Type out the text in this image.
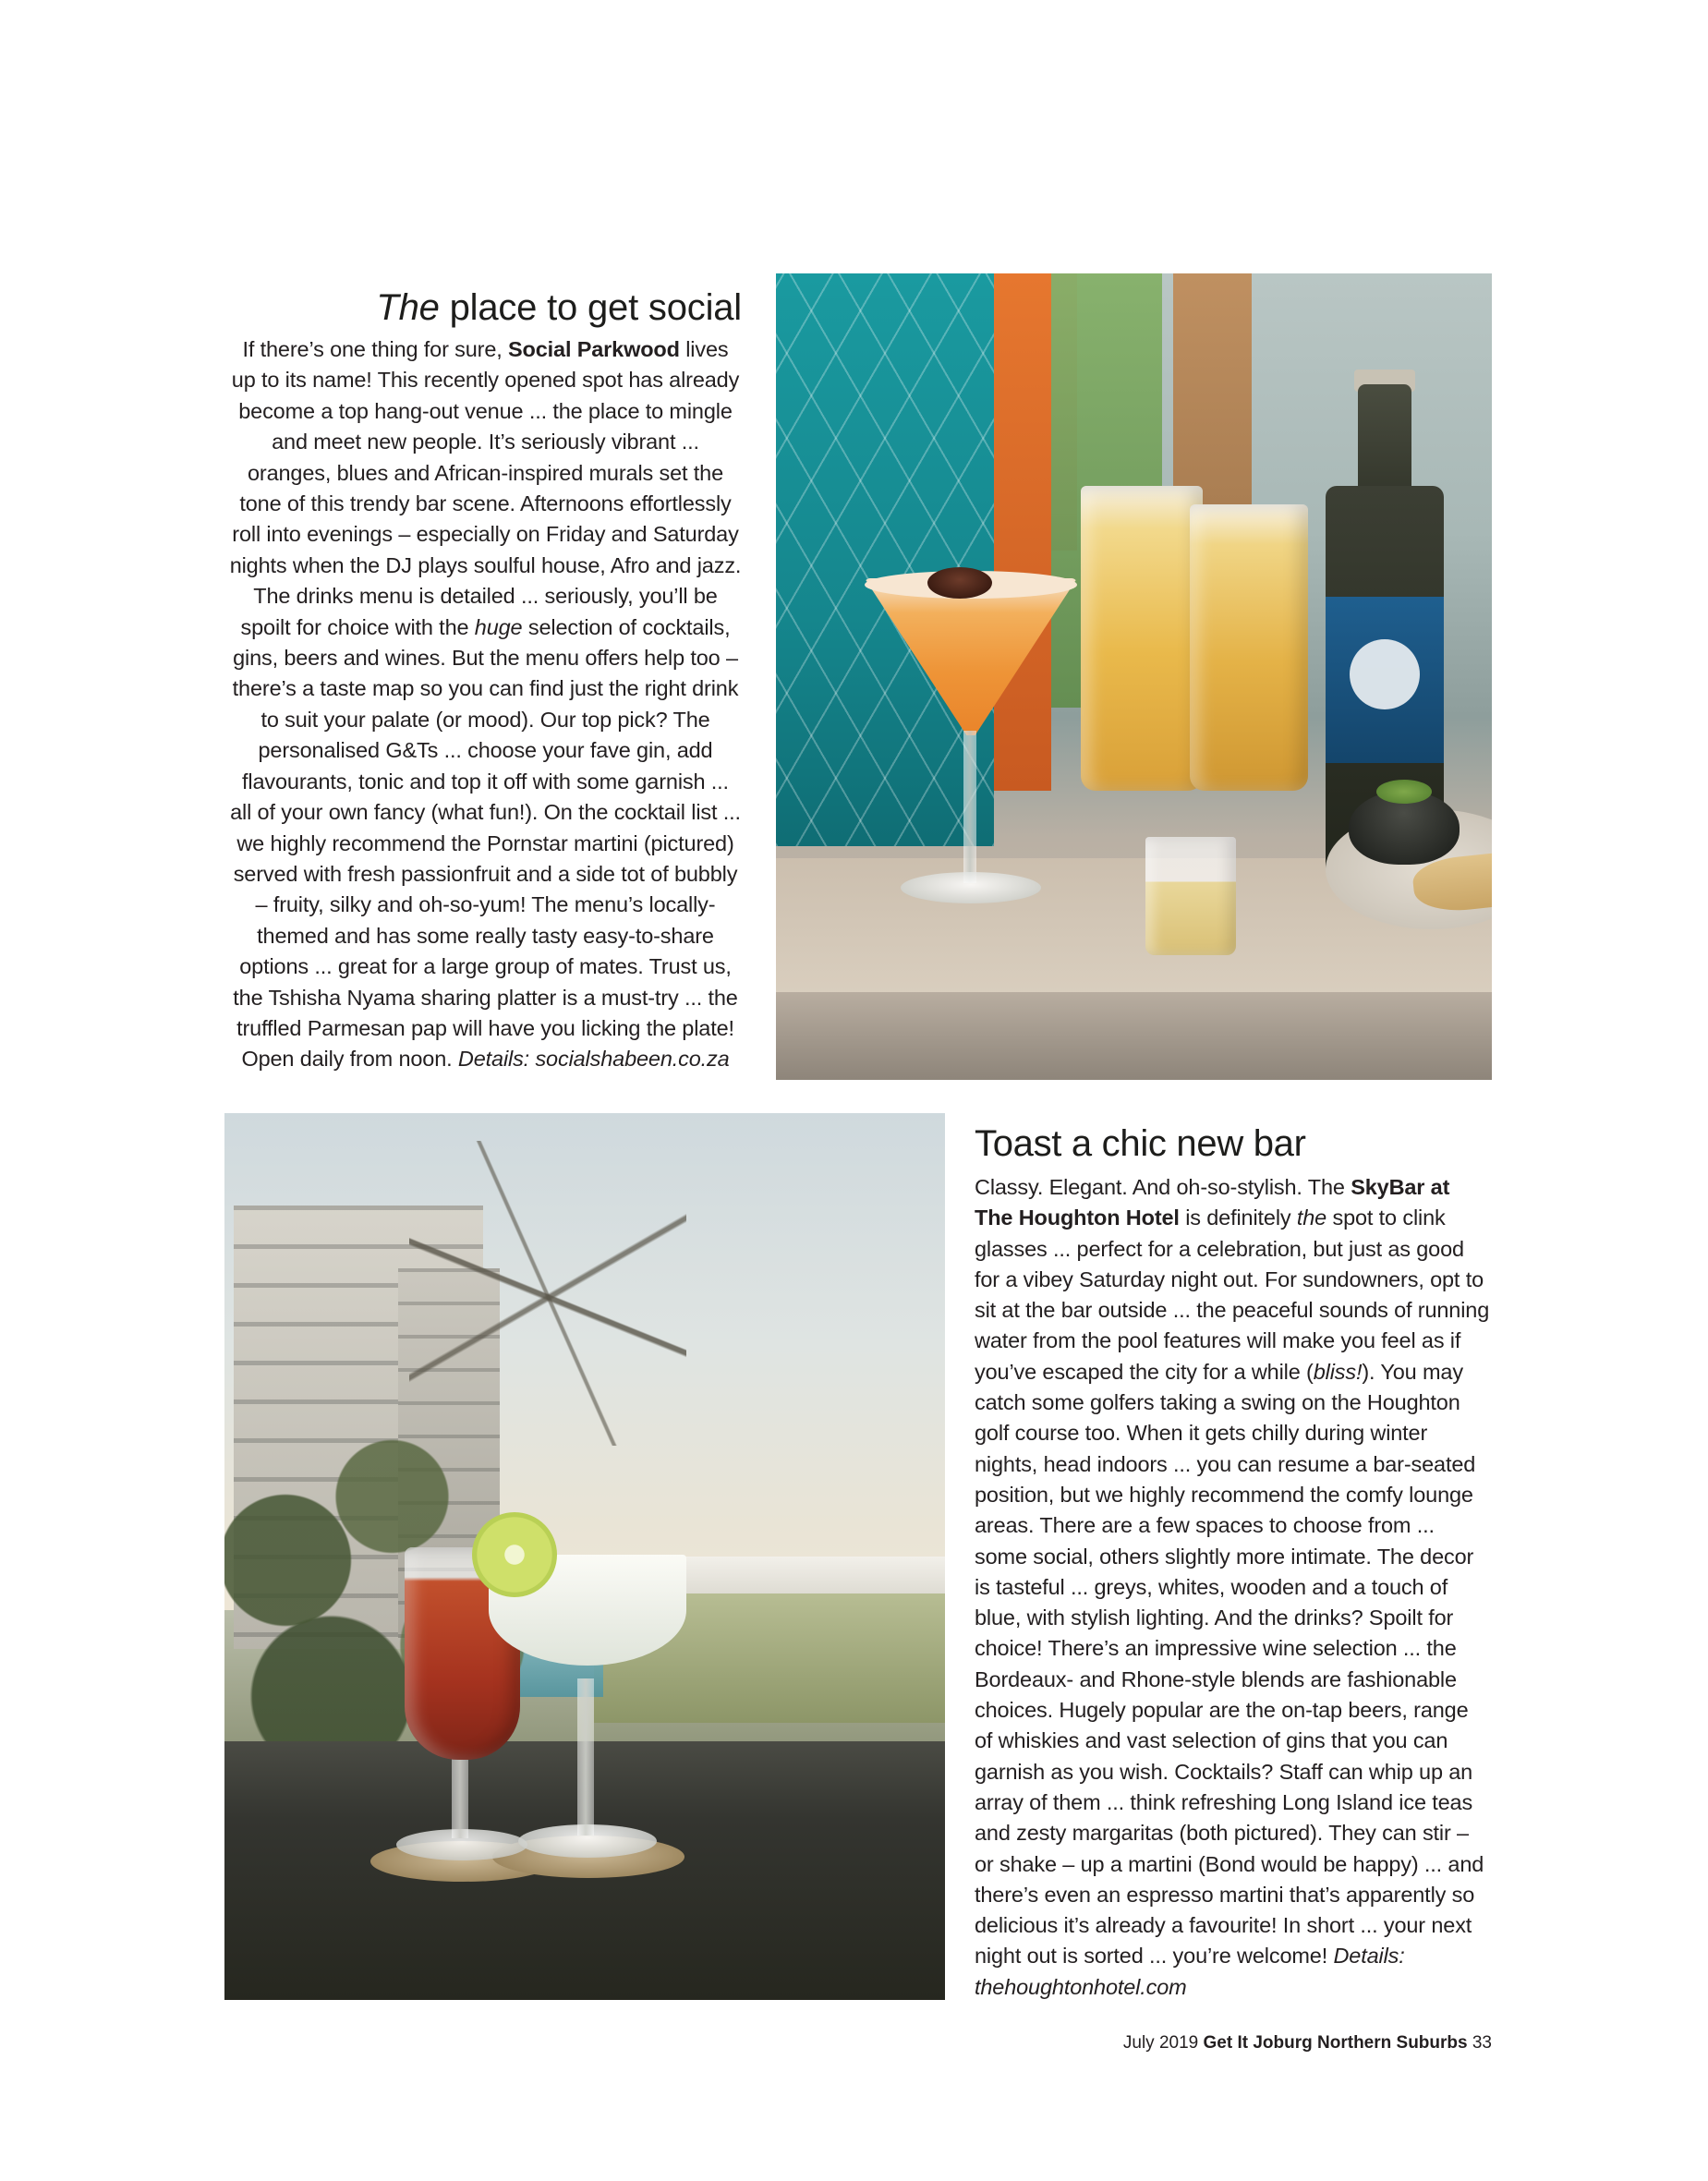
The place to get social

If there’s one thing for sure, Social Parkwood lives up to its name! This recently opened spot has already become a top hang-out venue ... the place to mingle and meet new people. It’s seriously vibrant ... oranges, blues and African-inspired murals set the tone of this trendy bar scene. Afternoons effortlessly roll into evenings – especially on Friday and Saturday nights when the DJ plays soulful house, Afro and jazz. The drinks menu is detailed ... seriously, you’ll be spoilt for choice with the huge selection of cocktails, gins, beers and wines. But the menu offers help too – there’s a taste map so you can find just the right drink to suit your palate (or mood). Our top pick? The personalised G&Ts ... choose your fave gin, add flavourants, tonic and top it off with some garnish ... all of your own fancy (what fun!). On the cocktail list ... we highly recommend the Pornstar martini (pictured) served with fresh passionfruit and a side tot of bubbly – fruity, silky and oh-so-yum! The menu’s locally-themed and has some really tasty easy-to-share options ... great for a large group of mates. Trust us, the Tshisha Nyama sharing platter is a must-try ... the truffled Parmesan pap will have you licking the plate! Open daily from noon. Details: socialshabeen.co.za

Toast a chic new bar

Classy. Elegant. And oh-so-stylish. The SkyBar at The Houghton Hotel is definitely the spot to clink glasses ... perfect for a celebration, but just as good for a vibey Saturday night out. For sundowners, opt to sit at the bar outside ... the peaceful sounds of running water from the pool features will make you feel as if you’ve escaped the city for a while (bliss!). You may catch some golfers taking a swing on the Houghton golf course too. When it gets chilly during winter nights, head indoors ... you can resume a bar-seated position, but we highly recommend the comfy lounge areas. There are a few spaces to choose from ... some social, others slightly more intimate. The decor is tasteful ... greys, whites, wooden and a touch of blue, with stylish lighting. And the drinks? Spoilt for choice! There’s an impressive wine selection ... the Bordeaux- and Rhone-style blends are fashionable choices. Hugely popular are the on-tap beers, range of whiskies and vast selection of gins that you can garnish as you wish. Cocktails? Staff can whip up an array of them ... think refreshing Long Island ice teas and zesty margaritas (both pictured). They can stir – or shake – up a martini (Bond would be happy) ... and there’s even an espresso martini that’s apparently so delicious it’s already a favourite! In short ... your next night out is sorted ... you’re welcome! Details: thehoughtonhotel.com

July 2019 Get It Joburg Northern Suburbs 33
